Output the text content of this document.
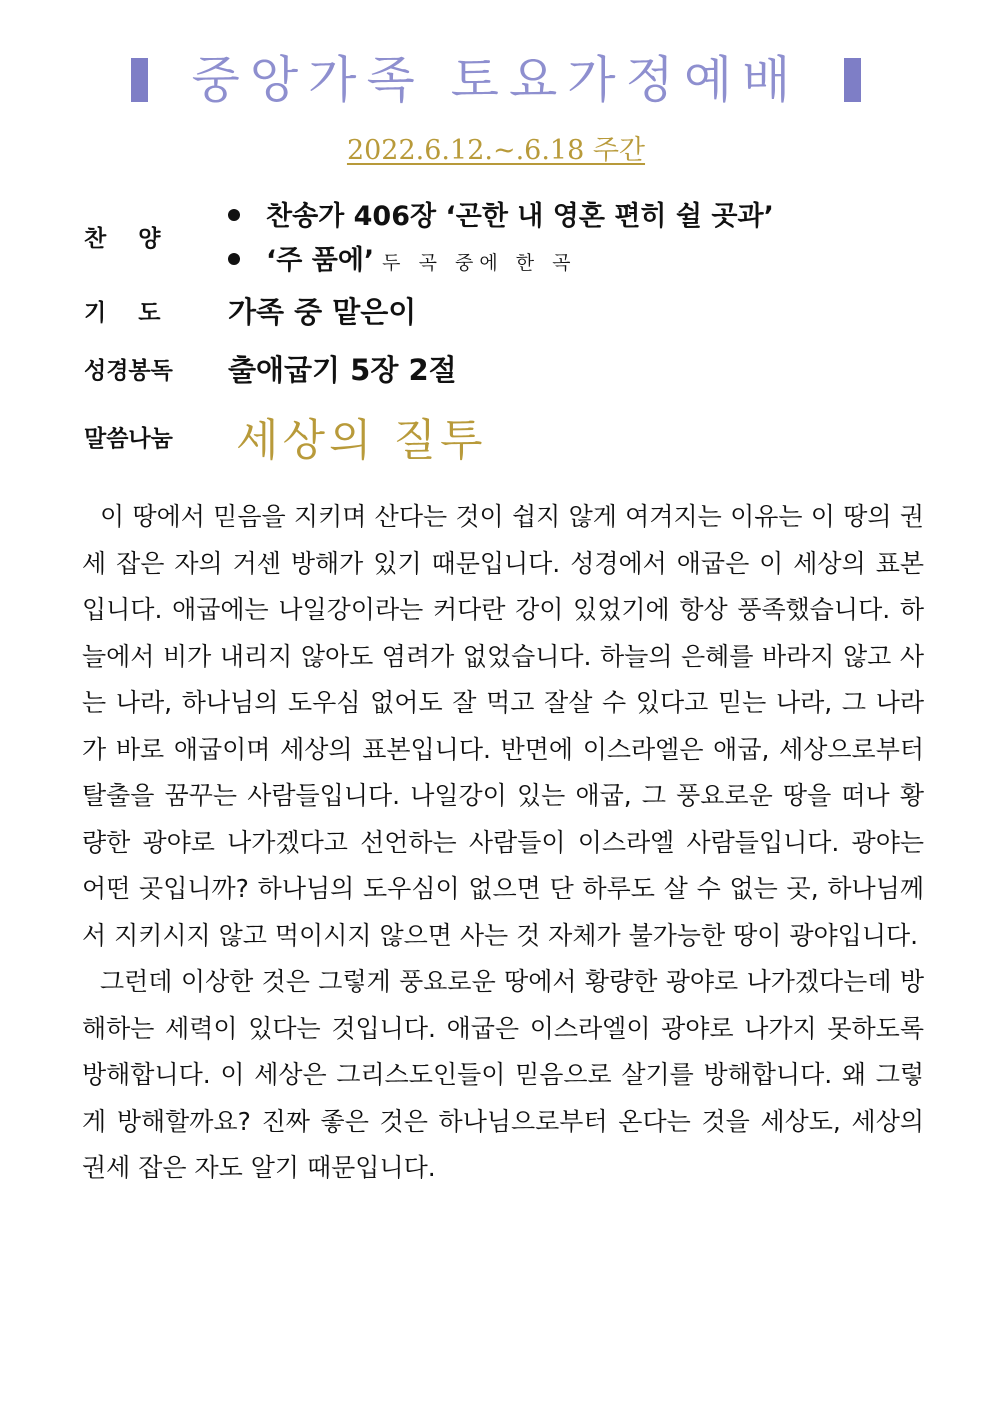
중앙가족 토요가정예배
2022.6.12.~.6.18 주간
찬    양
찬송가 406장 ‘곤한 내 영혼 편히 쉴 곳과’
‘주 품에’ 두 곡 중에 한 곡
기    도 가족 중 맡은이
성경봉독 출애굽기 5장 2절
말씀나눔 세상의 질투

이 땅에서 믿음을 지키며 산다는 것이 쉽지 않게 여겨지는 이유는 이 땅의 권세 잡은 자의 거센 방해가 있기 때문입니다. 성경에서 애굽은 이 세상의 표본입니다. 애굽에는 나일강이라는 커다란 강이 있었기에 항상 풍족했습니다. 하늘에서 비가 내리지 않아도 염려가 없었습니다. 하늘의 은혜를 바라지 않고 사는 나라, 하나님의 도우심 없어도 잘 먹고 잘살 수 있다고 믿는 나라, 그 나라가 바로 애굽이며 세상의 표본입니다. 반면에 이스라엘은 애굽, 세상으로부터 탈출을 꿈꾸는 사람들입니다. 나일강이 있는 애굽, 그 풍요로운 땅을 떠나 황량한 광야로 나가겠다고 선언하는 사람들이 이스라엘 사람들입니다. 광야는 어떤 곳입니까? 하나님의 도우심이 없으면 단 하루도 살 수 없는 곳, 하나님께서 지키시지 않고 먹이시지 않으면 사는 것 자체가 불가능한 땅이 광야입니다.

그런데 이상한 것은 그렇게 풍요로운 땅에서 황량한 광야로 나가겠다는데 방해하는 세력이 있다는 것입니다. 애굽은 이스라엘이 광야로 나가지 못하도록 방해합니다. 이 세상은 그리스도인들이 믿음으로 살기를 방해합니다. 왜 그렇게 방해할까요? 진짜 좋은 것은 하나님으로부터 온다는 것을 세상도, 세상의 권세 잡은 자도 알기 때문입니다.
